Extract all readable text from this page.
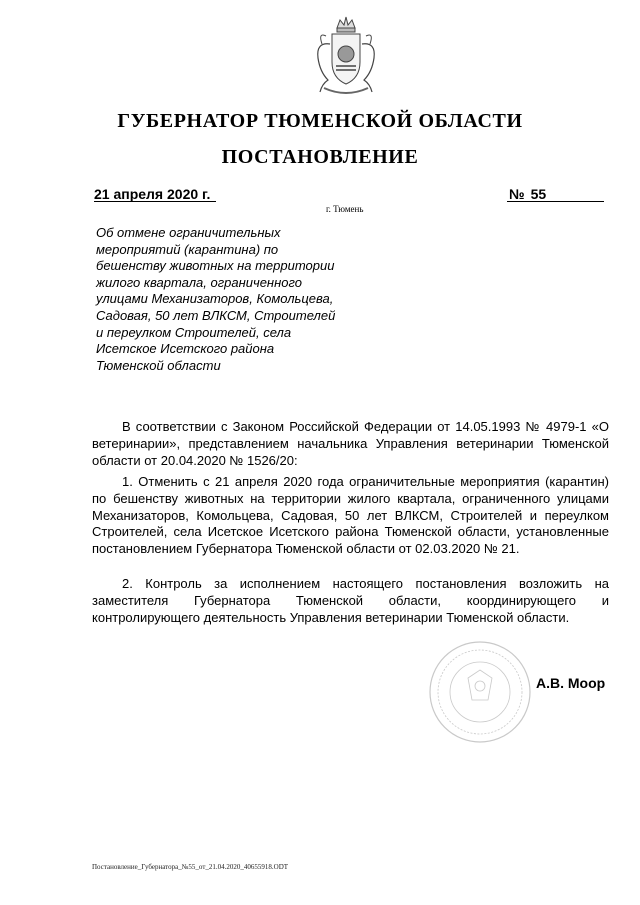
ГУБЕРНАТОР ТЮМЕНСКОЙ ОБЛАСТИ
ПОСТАНОВЛЕНИЕ
21 апреля 2020 г.	№ 55
г. Тюмень
Об отмене ограничительных
мероприятий (карантина) по
бешенству животных на территории
жилого квартала, ограниченного
улицами Механизаторов, Комольцева,
Садовая, 50 лет ВЛКСМ, Строителей
и переулком Строителей, села
Исетское Исетского района
Тюменской области
В соответствии с Законом Российской Федерации от 14.05.1993 № 4979-1 «О ветеринарии», представлением начальника Управления ветеринарии Тюменской области от 20.04.2020 № 1526/20:
1. Отменить с 21 апреля 2020 года ограничительные мероприятия (карантин) по бешенству животных на территории жилого квартала, ограниченного улицами Механизаторов, Комольцева, Садовая, 50 лет ВЛКСМ, Строителей и переулком Строителей, села Исетское Исетского района Тюменской области, установленные постановлением Губернатора Тюменской области от 02.03.2020 № 21.
2. Контроль за исполнением настоящего постановления возложить на заместителя Губернатора Тюменской области, координирующего и контролирующего деятельность Управления ветеринарии Тюменской области.
А.В. Моор
Постановление_Губернатора_№55_от_21.04.2020_40655918.ODT
